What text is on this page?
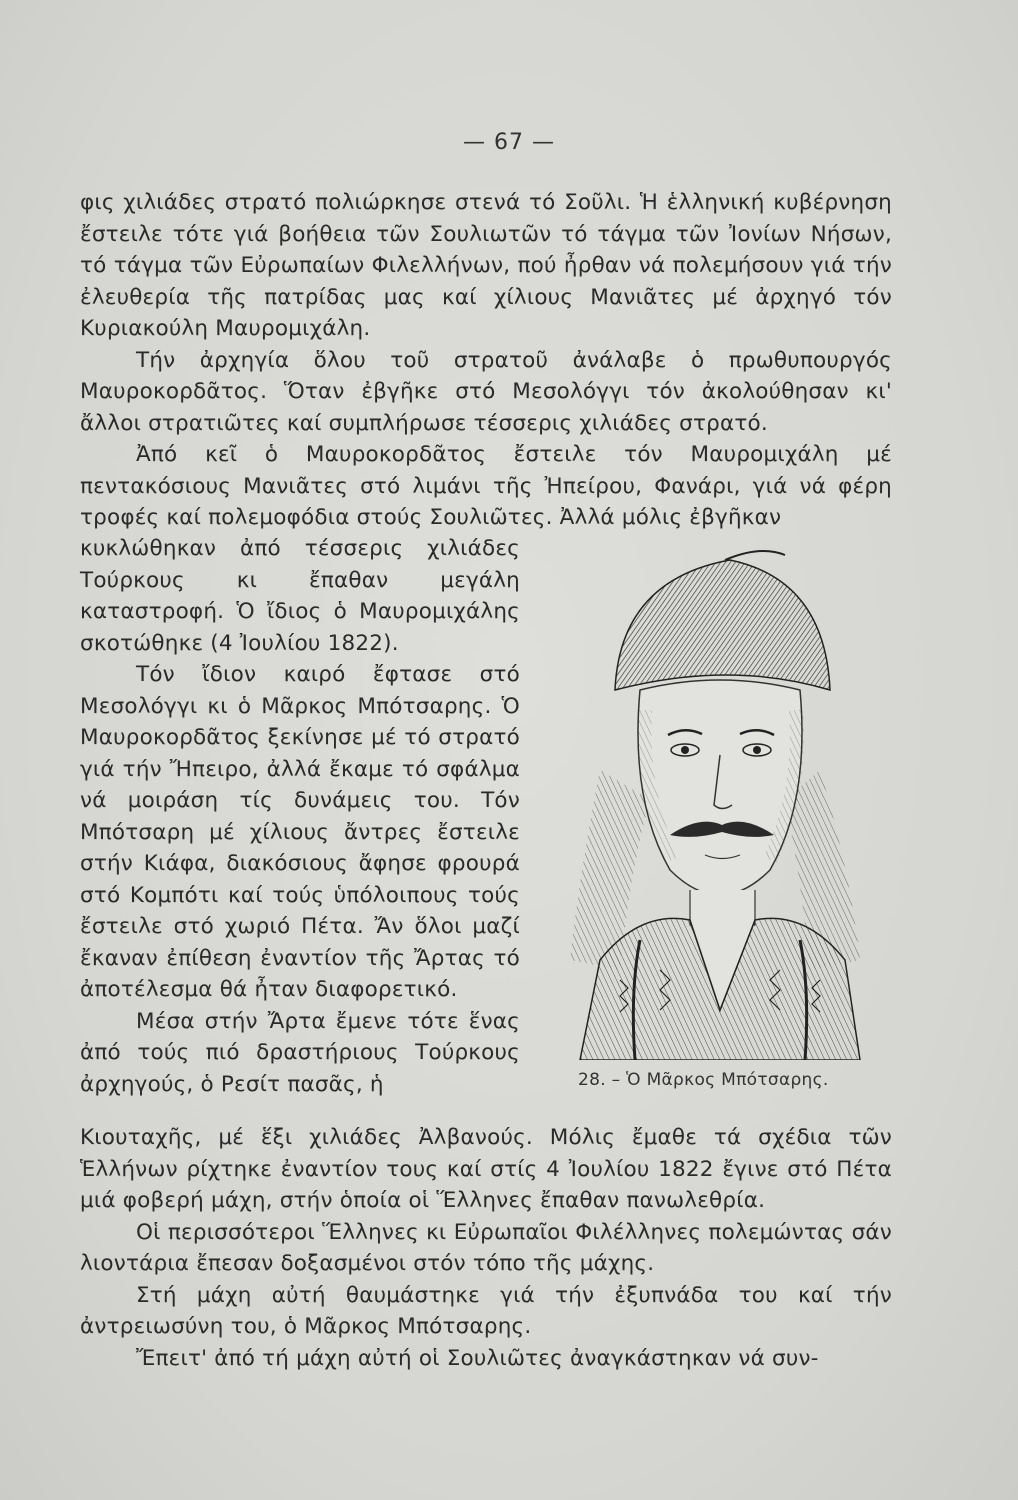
— 67 —

φις χιλιάδες στρατό πολιώρκησε στενά τό Σοῦλι. Ἡ ἑλληνική κυβέρνηση ἔστειλε τότε γιά βοήθεια τῶν Σουλιωτῶν τό τάγμα τῶν Ἰονίων Νήσων, τό τάγμα τῶν Εὐρωπαίων Φιλελλήνων, πού ἦρθαν νά πολεμήσουν γιά τήν ἐλευθερία τῆς πατρίδας μας καί χίλιους Μανιᾶτες μέ ἀρχηγό τόν Κυριακούλη Μαυρομιχάλη.

Τήν ἀρχηγία ὅλου τοῦ στρατοῦ ἀνάλαβε ὁ πρωθυπουργός Μαυροκορδᾶτος. Ὅταν ἐβγῆκε στό Μεσολόγγι τόν ἀκολούθησαν κι' ἄλλοι στρατιῶτες καί συμπλήρωσε τέσσερις χιλιάδες στρατό.

Ἀπό κεῖ ὁ Μαυροκορδᾶτος ἔστειλε τόν Μαυρομιχάλη μέ πεντακόσιους Μανιᾶτες στό λιμάνι τῆς Ἠπείρου, Φανάρι, γιά νά φέρη τροφές καί πολεμοφόδια στούς Σουλιῶτες. Ἀλλά μόλις ἐβγῆκαν

κυκλώθηκαν ἀπό τέσσερις χιλιάδες Τούρκους κι ἔπαθαν μεγάλη καταστροφή. Ὁ ἴδιος ὁ Μαυρομιχάλης σκοτώθηκε (4 Ἰουλίου 1822).

Τόν ἴδιον καιρό ἔφτασε στό Μεσολόγγι κι ὁ Μᾶρκος Μπότσαρης. Ὁ Μαυροκορδᾶτος ξεκίνησε μέ τό στρατό γιά τήν Ἤπειρο, ἀλλά ἔκαμε τό σφάλμα νά μοιράση τίς δυνάμεις του. Τόν Μπότσαρη μέ χίλιους ἄντρες ἔστειλε στήν Κιάφα, διακόσιους ἄφησε φρουρά στό Κομπότι καί τούς ὑπόλοιπους τούς ἔστειλε στό χωριό Πέτα. Ἄν ὅλοι μαζί ἔκαναν ἐπίθεση ἐναντίον τῆς Ἄρτας τό ἀποτέλεσμα θά ἦταν διαφορετικό.

Μέσα στήν Ἄρτα ἔμενε τότε ἕνας ἀπό τούς πιό δραστήριους Τούρκους ἀρχηγούς, ὁ Ρεσίτ πασᾶς, ἡ	28. – Ὁ Μᾶρκος Μπότσαρης.

Κιουταχῆς, μέ ἕξι χιλιάδες Ἀλβανούς. Μόλις ἔμαθε τά σχέδια τῶν Ἑλλήνων ρίχτηκε ἐναντίον τους καί στίς 4 Ἰουλίου 1822 ἔγινε στό Πέτα μιά φοβερή μάχη, στήν ὁποία οἱ Ἕλληνες ἔπαθαν πανωλεθρία.

Οἱ περισσότεροι Ἕλληνες κι Εὐρωπαῖοι Φιλέλληνες πολεμώντας σάν λιοντάρια ἔπεσαν δοξασμένοι στόν τόπο τῆς μάχης.

Στή μάχη αὐτή θαυμάστηκε γιά τήν ἐξυπνάδα του καί τήν ἀντρειωσύνη του, ὁ Μᾶρκος Μπότσαρης.

Ἔπειτ' ἀπό τή μάχη αὐτή οἱ Σουλιῶτες ἀναγκάστηκαν νά συν-
